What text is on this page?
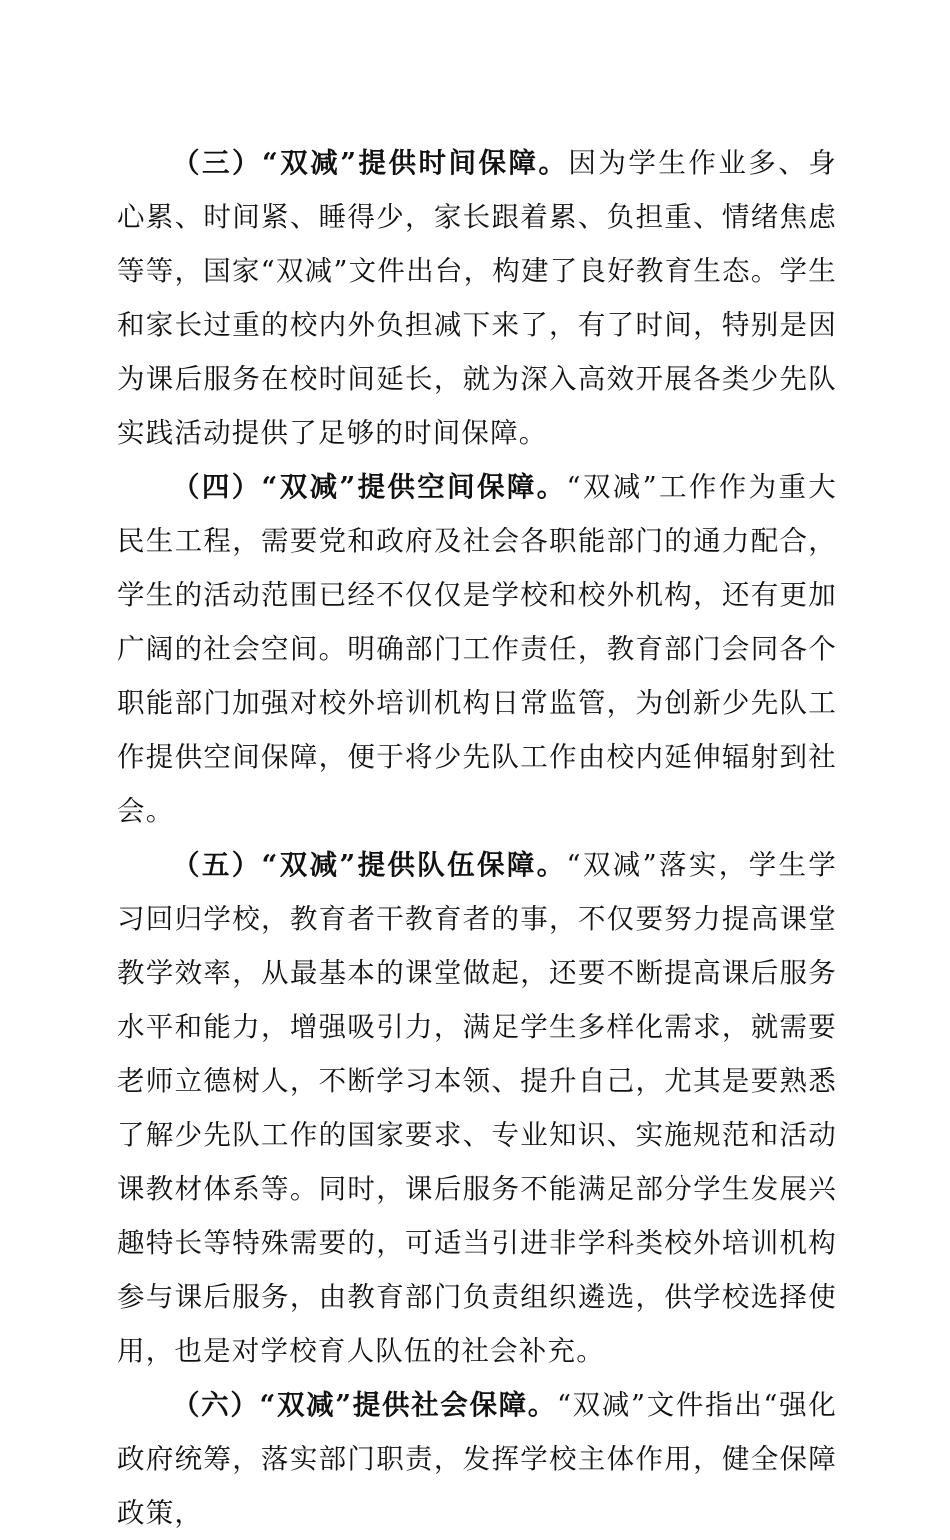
（三）“双减”提供时间保障。因为学生作业多、身心累、时间紧、睡得少，家长跟着累、负担重、情绪焦虑等等，国家“双减”文件出台，构建了良好教育生态。学生和家长过重的校内外负担减下来了，有了时间，特别是因为课后服务在校时间延长，就为深入高效开展各类少先队实践活动提供了足够的时间保障。

（四）“双减”提供空间保障。“双减”工作作为重大民生工程，需要党和政府及社会各职能部门的通力配合，学生的活动范围已经不仅仅是学校和校外机构，还有更加广阔的社会空间。明确部门工作责任，教育部门会同各个职能部门加强对校外培训机构日常监管，为创新少先队工作提供空间保障，便于将少先队工作由校内延伸辐射到社会。

（五）“双减”提供队伍保障。“双减”落实，学生学习回归学校，教育者干教育者的事，不仅要努力提高课堂教学效率，从最基本的课堂做起，还要不断提高课后服务水平和能力，增强吸引力，满足学生多样化需求，就需要老师立德树人，不断学习本领、提升自己，尤其是要熟悉了解少先队工作的国家要求、专业知识、实施规范和活动课教材体系等。同时，课后服务不能满足部分学生发展兴趣特长等特殊需要的，可适当引进非学科类校外培训机构参与课后服务，由教育部门负责组织遴选，供学校选择使用，也是对学校育人队伍的社会补充。

（六）“双减”提供社会保障。“双减”文件指出“强化政府统筹，落实部门职责，发挥学校主体作用，健全保障政策，
